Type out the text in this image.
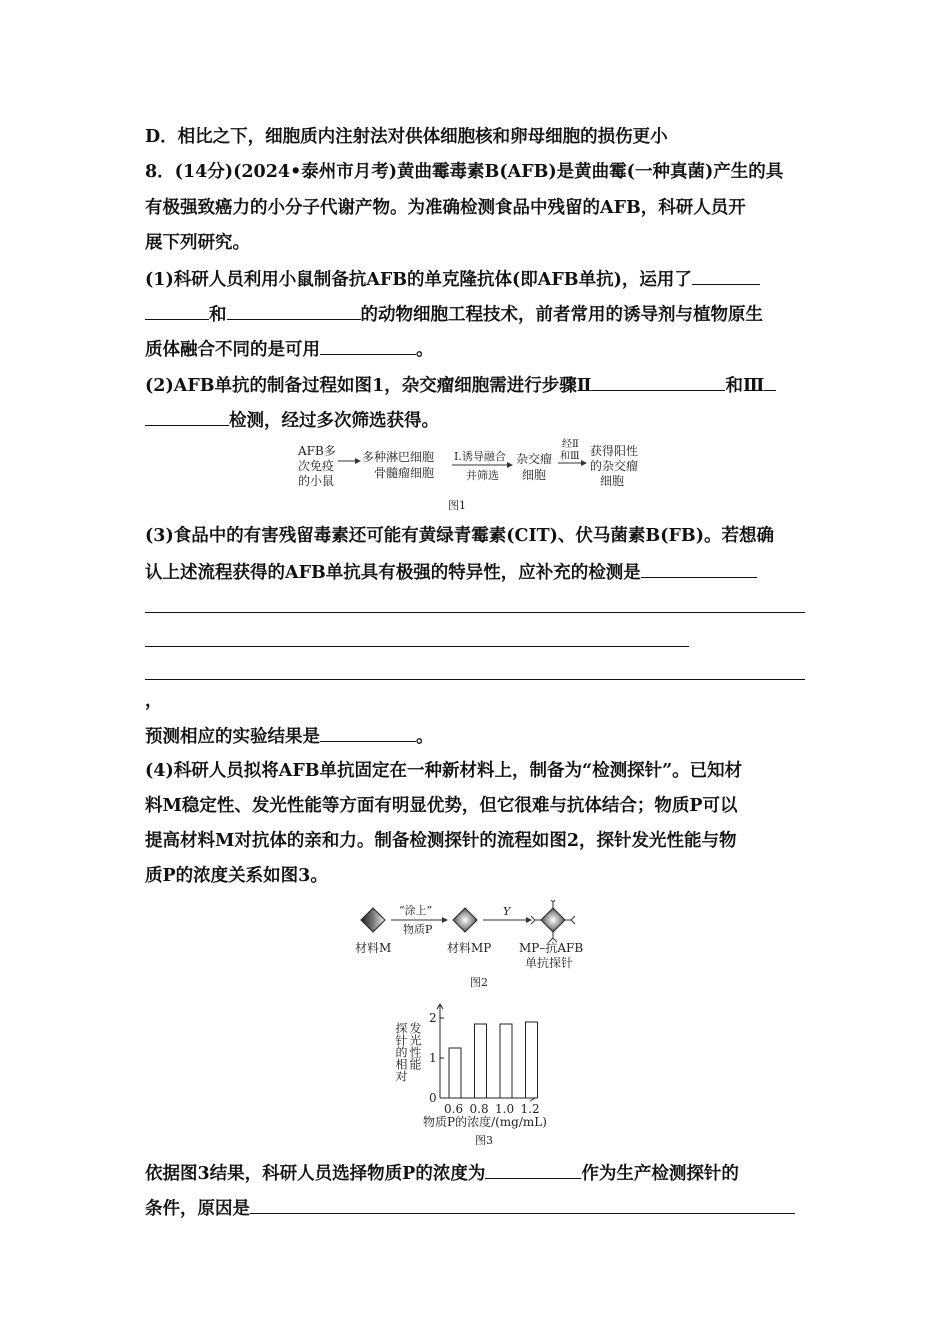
D．相比之下，细胞质内注射法对供体细胞核和卵母细胞的损伤更小
8．(14分)(2024•泰州市月考)黄曲霉毒素B(AFB)是黄曲霉(一种真菌)产生的具
有极强致癌力的小分子代谢产物。为准确检测食品中残留的AFB，科研人员开
展下列研究。
(1)科研人员利用小鼠制备抗AFB的单克隆抗体(即AFB单抗)，运用了
和	的动物细胞工程技术，前者常用的诱导剂与植物原生
质体融合不同的是可用	。
(2)AFB单抗的制备过程如图1，杂交瘤细胞需进行步骤Ⅱ	和Ⅲ
检测，经过多次筛选获得。
AFB多
次免疫
的小鼠
多种淋巴细胞
骨髓瘤细胞
I.诱导融合
并筛选
杂交瘤
细胞
经Ⅱ
和Ⅲ 获得阳性
的杂交瘤
细胞
图1
(3)食品中的有害残留毒素还可能有黄绿青霉素(CIT)、伏马菌素B(FB)。若想确
认上述流程获得的AFB单抗具有极强的特异性，应补充的检测是
，
预测相应的实验结果是	。
(4)科研人员拟将AFB单抗固定在一种新材料上，制备为“检测探针”。已知材
料M稳定性、发光性能等方面有明显优势，但它很难与抗体结合；物质P可以
提高材料M对抗体的亲和力。制备检测探针的流程如图2，探针发光性能与物
质P的浓度关系如图3。
“涂上”
物质P
Y
材料M	材料MP MP–抗AFB
单抗探针
图2
0
1
2
探针的相对 发光性能
0.6 0.8 1.0 1.2
物质P的浓度/(mg/mL)
图3
依据图3结果，科研人员选择物质P的浓度为	作为生产检测探针的
条件，原因是
